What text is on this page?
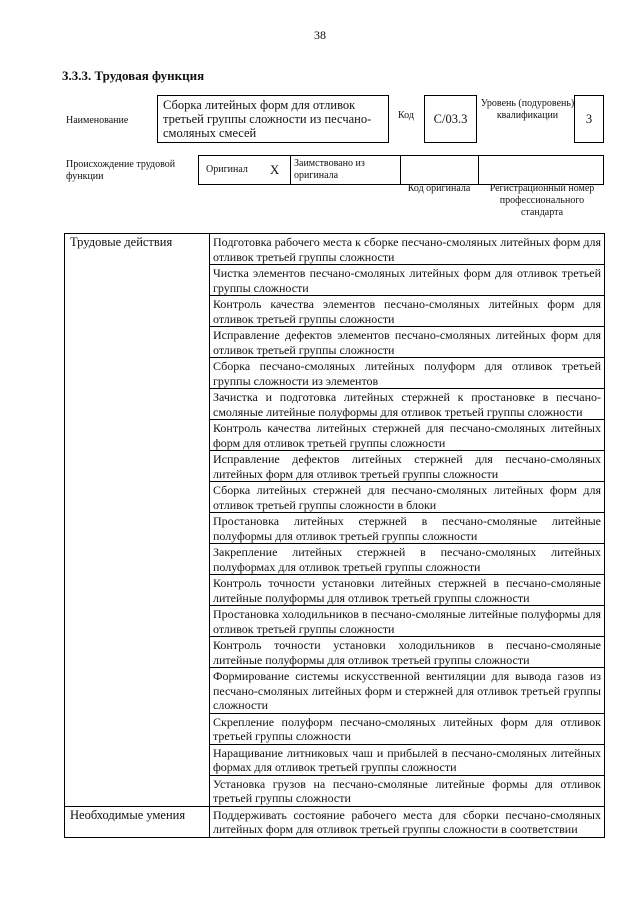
38
3.3.3. Трудовая функция
Наименование
Сборка литейных форм для отливок третьей группы сложности из песчано-смоляных смесей
Код	C/03.3
Уровень (подуровень) квалификации	3
Происхождение трудовой функции
Оригинал X	Заимствовано из оригинала
Код оригинала	Регистрационный номер профессионального стандарта
Трудовые действия	Подготовка рабочего места к сборке песчано-смоляных литейных форм для отливок третьей группы сложности
	Чистка элементов песчано-смоляных литейных форм для отливок третьей группы сложности
	Контроль качества элементов песчано-смоляных литейных форм для отливок третьей группы сложности
	Исправление дефектов элементов песчано-смоляных литейных форм для отливок третьей группы сложности
	Сборка песчано-смоляных литейных полуформ для отливок третьей группы сложности из элементов
	Зачистка и подготовка литейных стержней к простановке в песчано-смоляные литейные полуформы для отливок третьей группы сложности
	Контроль качества литейных стержней для песчано-смоляных литейных форм для отливок третьей группы сложности
	Исправление дефектов литейных стержней для песчано-смоляных литейных форм для отливок третьей группы сложности
	Сборка литейных стержней для песчано-смоляных литейных форм для отливок третьей группы сложности в блоки
	Простановка литейных стержней в песчано-смоляные литейные полуформы для отливок третьей группы сложности
	Закрепление литейных стержней в песчано-смоляных литейных полуформах для отливок третьей группы сложности
	Контроль точности установки литейных стержней в песчано-смоляные литейные полуформы для отливок третьей группы сложности
	Простановка холодильников в песчано-смоляные литейные полуформы для отливок третьей группы сложности
	Контроль точности установки холодильников в песчано-смоляные литейные полуформы для отливок третьей группы сложности
	Формирование системы искусственной вентиляции для вывода газов из песчано-смоляных литейных форм и стержней для отливок третьей группы сложности
	Скрепление полуформ песчано-смоляных литейных форм для отливок третьей группы сложности
	Наращивание литниковых чаш и прибылей в песчано-смоляных литейных формах для отливок третьей группы сложности
	Установка грузов на песчано-смоляные литейные формы для отливок третьей группы сложности
Необходимые умения	Поддерживать состояние рабочего места для сборки песчано-смоляных литейных форм для отливок третьей группы сложности в соответствии
